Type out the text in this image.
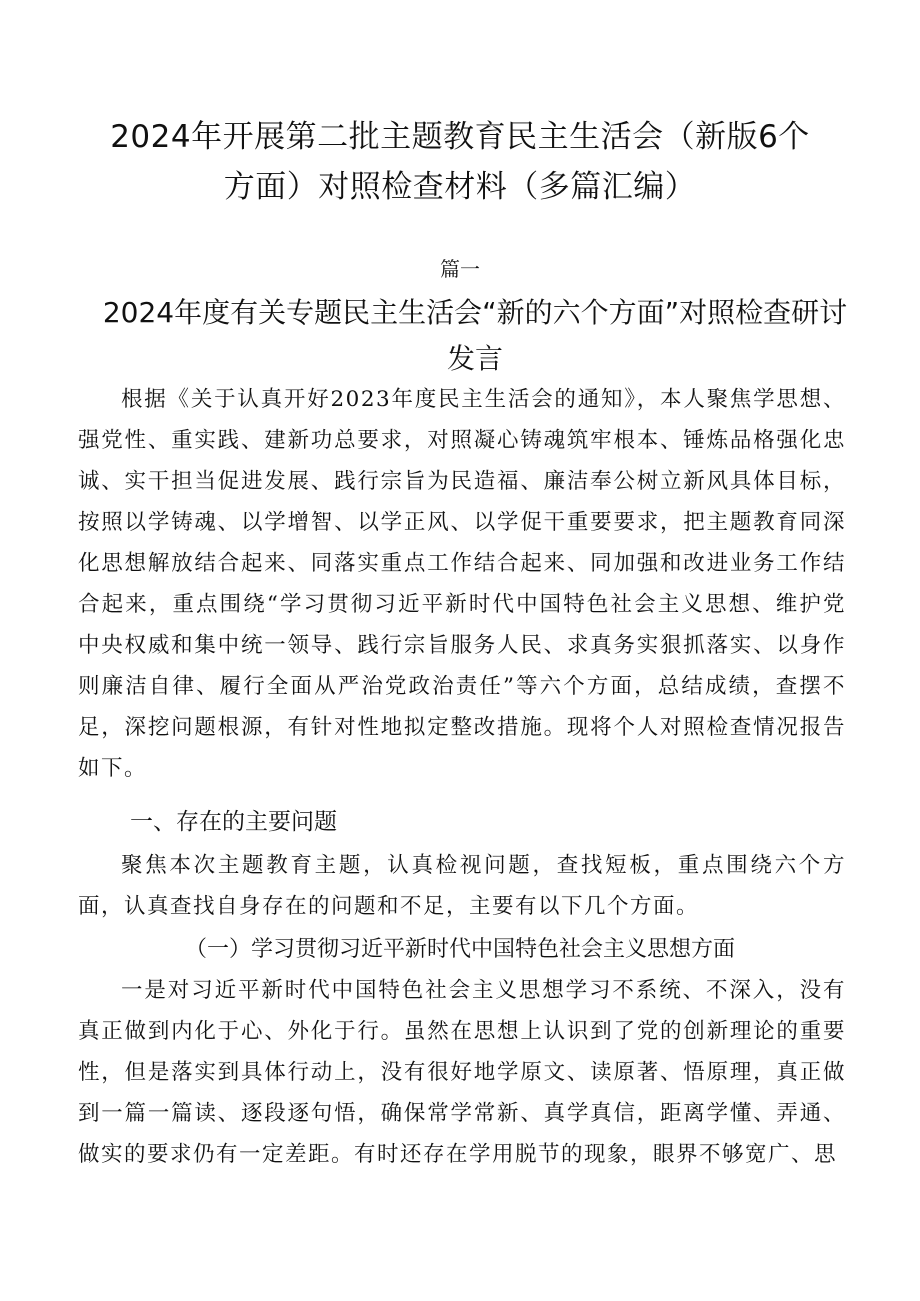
2024年开展第二批主题教育民主生活会（新版6个方面）对照检查材料（多篇汇编）
篇一
2024年度有关专题民主生活会“新的六个方面”对照检查研讨发言

根据《关于认真开好2023年度民主生活会的通知》，本人聚焦学思想、强党性、重实践、建新功总要求，对照凝心铸魂筑牢根本、锤炼品格强化忠诚、实干担当促进发展、践行宗旨为民造福、廉洁奉公树立新风具体目标，按照以学铸魂、以学增智、以学正风、以学促干重要要求，把主题教育同深化思想解放结合起来、同落实重点工作结合起来、同加强和改进业务工作结合起来，重点围绕“学习贯彻习近平新时代中国特色社会主义思想、维护党中央权威和集中统一领导、践行宗旨服务人民、求真务实狠抓落实、以身作则廉洁自律、履行全面从严治党政治责任”等六个方面，总结成绩，查摆不足，深挖问题根源，有针对性地拟定整改措施。现将个人对照检查情况报告如下。

一、存在的主要问题

聚焦本次主题教育主题，认真检视问题，查找短板，重点围绕六个方面，认真查找自身存在的问题和不足，主要有以下几个方面。

（一）学习贯彻习近平新时代中国特色社会主义思想方面

一是对习近平新时代中国特色社会主义思想学习不系统、不深入，没有真正做到内化于心、外化于行。虽然在思想上认识到了党的创新理论的重要性，但是落实到具体行动上，没有很好地学原文、读原著、悟原理，真正做到一篇一篇读、逐段逐句悟，确保常学常新、真学真信，距离学懂、弄通、做实的要求仍有一定差距。有时还存在学用脱节的现象，眼界不够宽广、思
